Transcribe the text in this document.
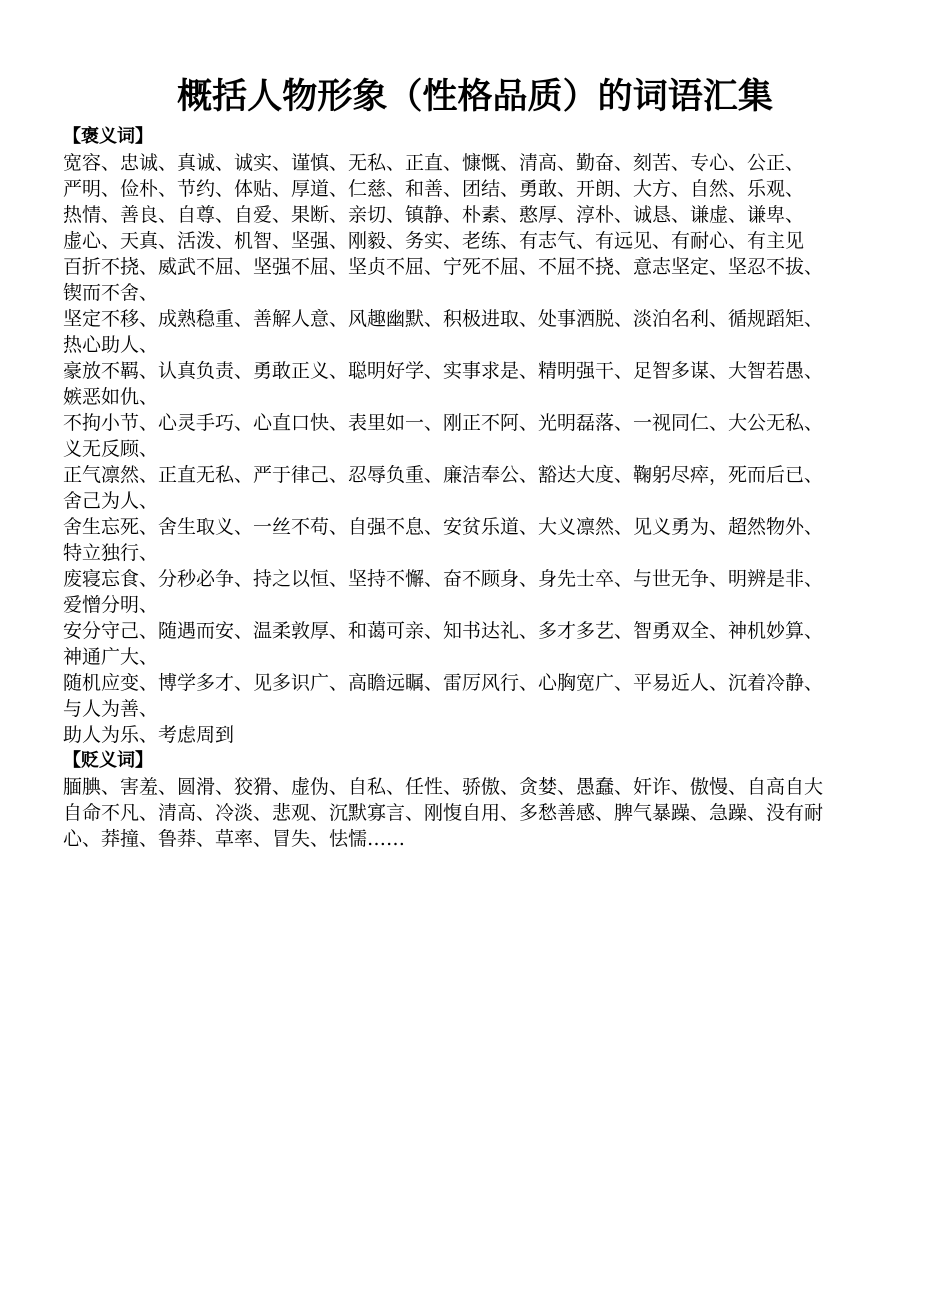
概括人物形象（性格品质）的词语汇集
【褒义词】
宽容、忠诚、真诚、诚实、谨慎、无私、正直、慷慨、清高、勤奋、刻苦、专心、公正、
严明、俭朴、节约、体贴、厚道、仁慈、和善、团结、勇敢、开朗、大方、自然、乐观、
热情、善良、自尊、自爱、果断、亲切、镇静、朴素、憨厚、淳朴、诚恳、谦虚、谦卑、
虚心、天真、活泼、机智、坚强、刚毅、务实、老练、有志气、有远见、有耐心、有主见
百折不挠、威武不屈、坚强不屈、坚贞不屈、宁死不屈、不屈不挠、意志坚定、坚忍不拔、
锲而不舍、
坚定不移、成熟稳重、善解人意、风趣幽默、积极进取、处事洒脱、淡泊名利、循规蹈矩、
热心助人、
豪放不羁、认真负责、勇敢正义、聪明好学、实事求是、精明强干、足智多谋、大智若愚、
嫉恶如仇、
不拘小节、心灵手巧、心直口快、表里如一、刚正不阿、光明磊落、一视同仁、大公无私、
义无反顾、
正气凛然、正直无私、严于律己、忍辱负重、廉洁奉公、豁达大度、鞠躬尽瘁，死而后已、
舍己为人、
舍生忘死、舍生取义、一丝不苟、自强不息、安贫乐道、大义凛然、见义勇为、超然物外、
特立独行、
废寝忘食、分秒必争、持之以恒、坚持不懈、奋不顾身、身先士卒、与世无争、明辨是非、
爱憎分明、
安分守己、随遇而安、温柔敦厚、和蔼可亲、知书达礼、多才多艺、智勇双全、神机妙算、
神通广大、
随机应变、博学多才、见多识广、高瞻远瞩、雷厉风行、心胸宽广、平易近人、沉着冷静、
与人为善、
助人为乐、考虑周到
【贬义词】
腼腆、害羞、圆滑、狡猾、虚伪、自私、任性、骄傲、贪婪、愚蠢、奸诈、傲慢、自高自大
自命不凡、清高、冷淡、悲观、沉默寡言、刚愎自用、多愁善感、脾气暴躁、急躁、没有耐
心、莽撞、鲁莽、草率、冒失、怯懦……
